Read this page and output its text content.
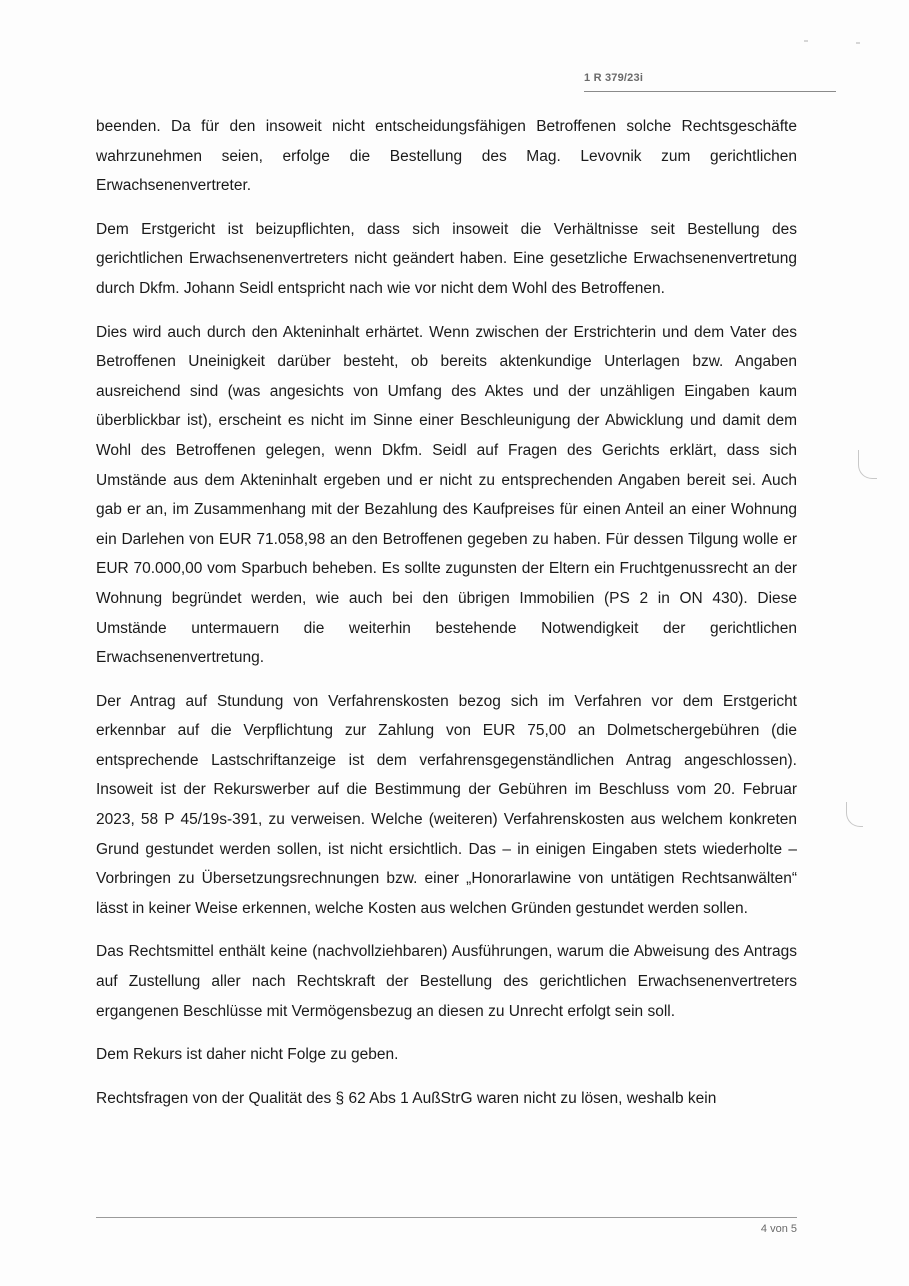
1 R 379/23i

beenden. Da für den insoweit nicht entscheidungsfähigen Betroffenen solche Rechtsgeschäfte wahrzunehmen seien, erfolge die Bestellung des Mag. Levovnik zum gerichtlichen Erwachsenenvertreter.

Dem Erstgericht ist beizupflichten, dass sich insoweit die Verhältnisse seit Bestellung des gerichtlichen Erwachsenenvertreters nicht geändert haben. Eine gesetzliche Erwachsenenvertretung durch Dkfm. Johann Seidl entspricht nach wie vor nicht dem Wohl des Betroffenen.

Dies wird auch durch den Akteninhalt erhärtet. Wenn zwischen der Erstrichterin und dem Vater des Betroffenen Uneinigkeit darüber besteht, ob bereits aktenkundige Unterlagen bzw. Angaben ausreichend sind (was angesichts von Umfang des Aktes und der unzähligen Eingaben kaum überblickbar ist), erscheint es nicht im Sinne einer Beschleunigung der Abwicklung und damit dem Wohl des Betroffenen gelegen, wenn Dkfm. Seidl auf Fragen des Gerichts erklärt, dass sich Umstände aus dem Akteninhalt ergeben und er nicht zu entsprechenden Angaben bereit sei. Auch gab er an, im Zusammenhang mit der Bezahlung des Kaufpreises für einen Anteil an einer Wohnung ein Darlehen von EUR 71.058,98 an den Betroffenen gegeben zu haben. Für dessen Tilgung wolle er EUR 70.000,00 vom Sparbuch beheben. Es sollte zugunsten der Eltern ein Fruchtgenussrecht an der Wohnung begründet werden, wie auch bei den übrigen Immobilien (PS 2 in ON 430). Diese Umstände untermauern die weiterhin bestehende Notwendigkeit der gerichtlichen Erwachsenenvertretung.

Der Antrag auf Stundung von Verfahrenskosten bezog sich im Verfahren vor dem Erstgericht erkennbar auf die Verpflichtung zur Zahlung von EUR 75,00 an Dolmetschergebühren (die entsprechende Lastschriftanzeige ist dem verfahrensgegenständlichen Antrag angeschlossen). Insoweit ist der Rekurswerber auf die Bestimmung der Gebühren im Beschluss vom 20. Februar 2023, 58 P 45/19s-391, zu verweisen. Welche (weiteren) Verfahrenskosten aus welchem konkreten Grund gestundet werden sollen, ist nicht ersichtlich. Das – in einigen Eingaben stets wiederholte – Vorbringen zu Übersetzungsrechnungen bzw. einer „Honorarlawine von untätigen Rechtsanwälten“ lässt in keiner Weise erkennen, welche Kosten aus welchen Gründen gestundet werden sollen.

Das Rechtsmittel enthält keine (nachvollziehbaren) Ausführungen, warum die Abweisung des Antrags auf Zustellung aller nach Rechtskraft der Bestellung des gerichtlichen Erwachsenenvertreters ergangenen Beschlüsse mit Vermögensbezug an diesen zu Unrecht erfolgt sein soll.

Dem Rekurs ist daher nicht Folge zu geben.

Rechtsfragen von der Qualität des § 62 Abs 1 AußStrG waren nicht zu lösen, weshalb kein

4 von 5
